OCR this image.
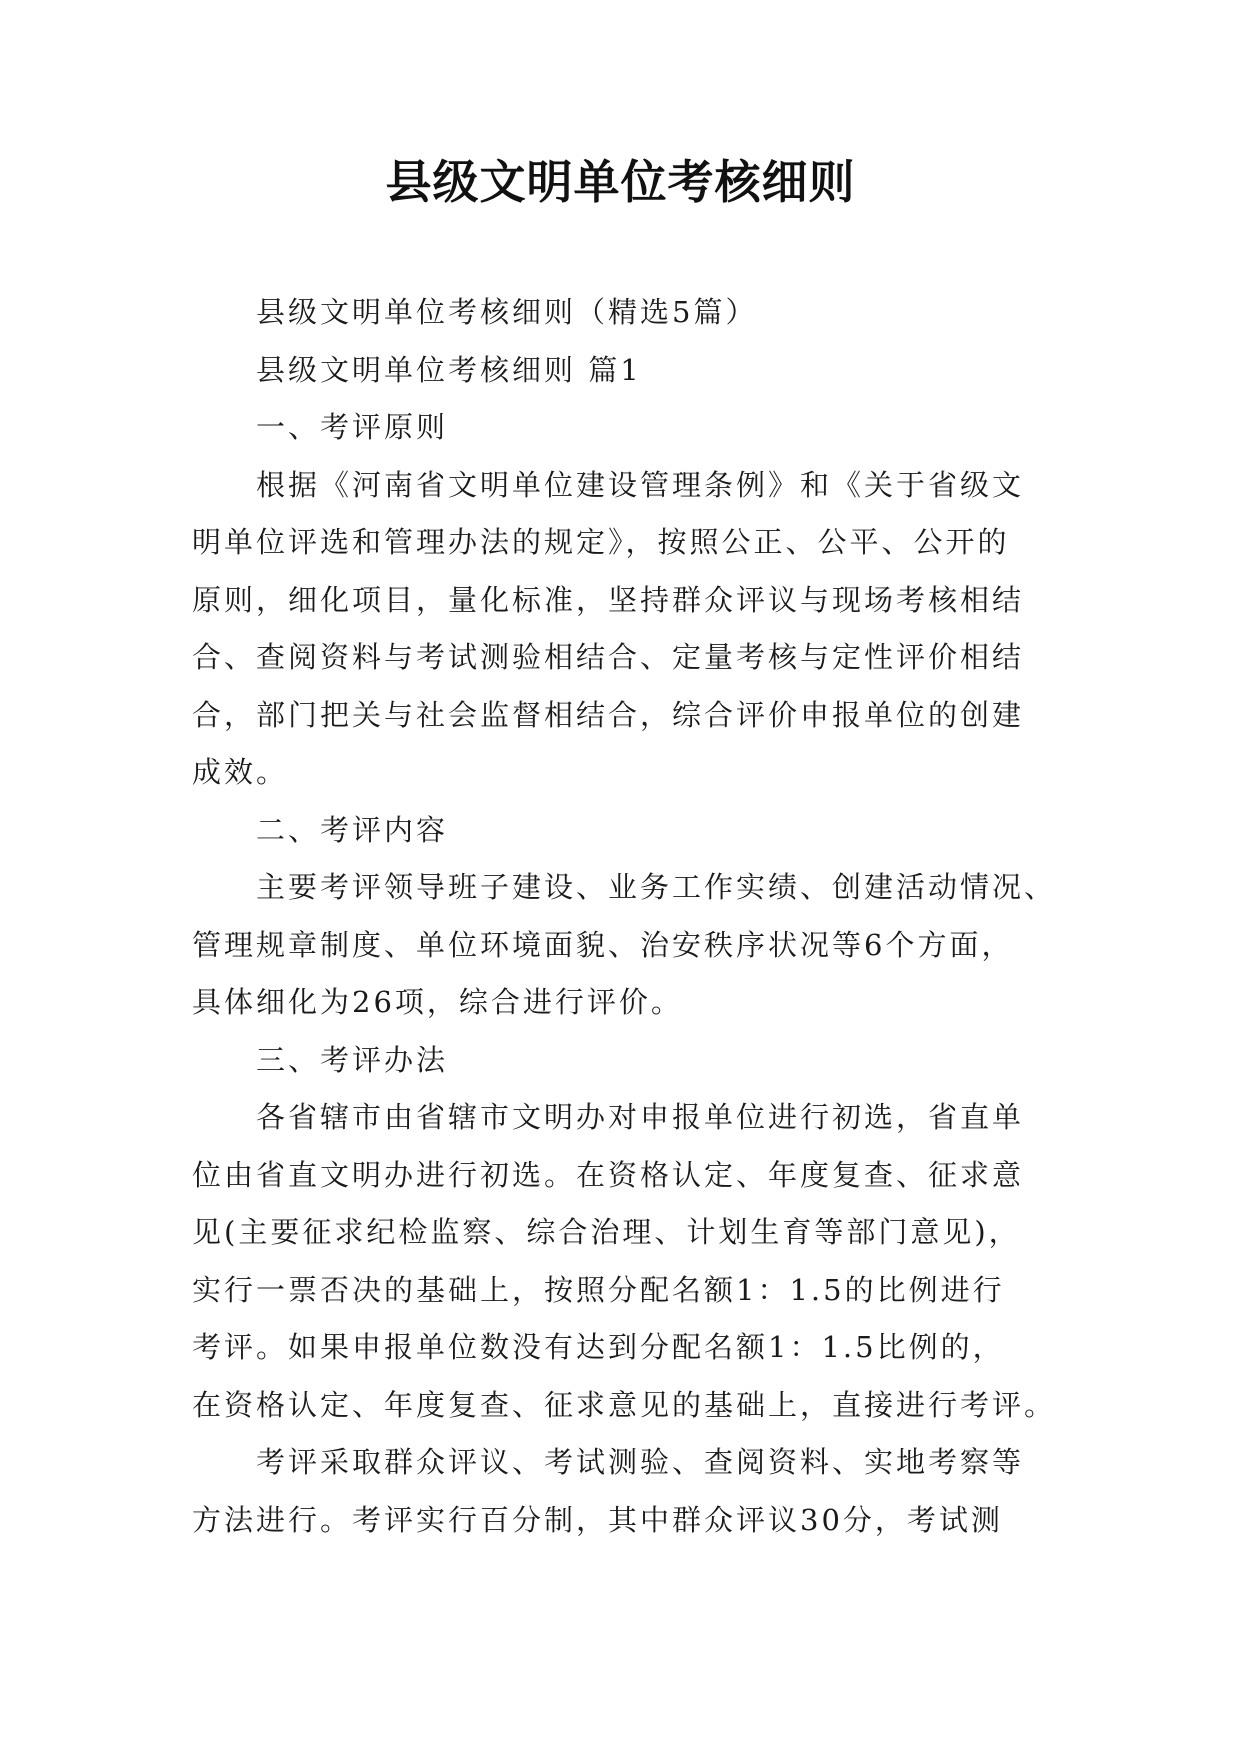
县级文明单位考核细则
县级文明单位考核细则（精选5篇）
县级文明单位考核细则 篇1
一、考评原则
根据《河南省文明单位建设管理条例》和《关于省级文
明单位评选和管理办法的规定》，按照公正、公平、公开的
原则，细化项目，量化标准，坚持群众评议与现场考核相结
合、查阅资料与考试测验相结合、定量考核与定性评价相结
合，部门把关与社会监督相结合，综合评价申报单位的创建
成效。
二、考评内容
主要考评领导班子建设、业务工作实绩、创建活动情况、
管理规章制度、单位环境面貌、治安秩序状况等6个方面，
具体细化为26项，综合进行评价。
三、考评办法
各省辖市由省辖市文明办对申报单位进行初选，省直单
位由省直文明办进行初选。在资格认定、年度复查、征求意
见(主要征求纪检监察、综合治理、计划生育等部门意见)，
实行一票否决的基础上，按照分配名额1：1.5的比例进行
考评。如果申报单位数没有达到分配名额1：1.5比例的，
在资格认定、年度复查、征求意见的基础上，直接进行考评。
考评采取群众评议、考试测验、查阅资料、实地考察等
方法进行。考评实行百分制，其中群众评议30分，考试测
